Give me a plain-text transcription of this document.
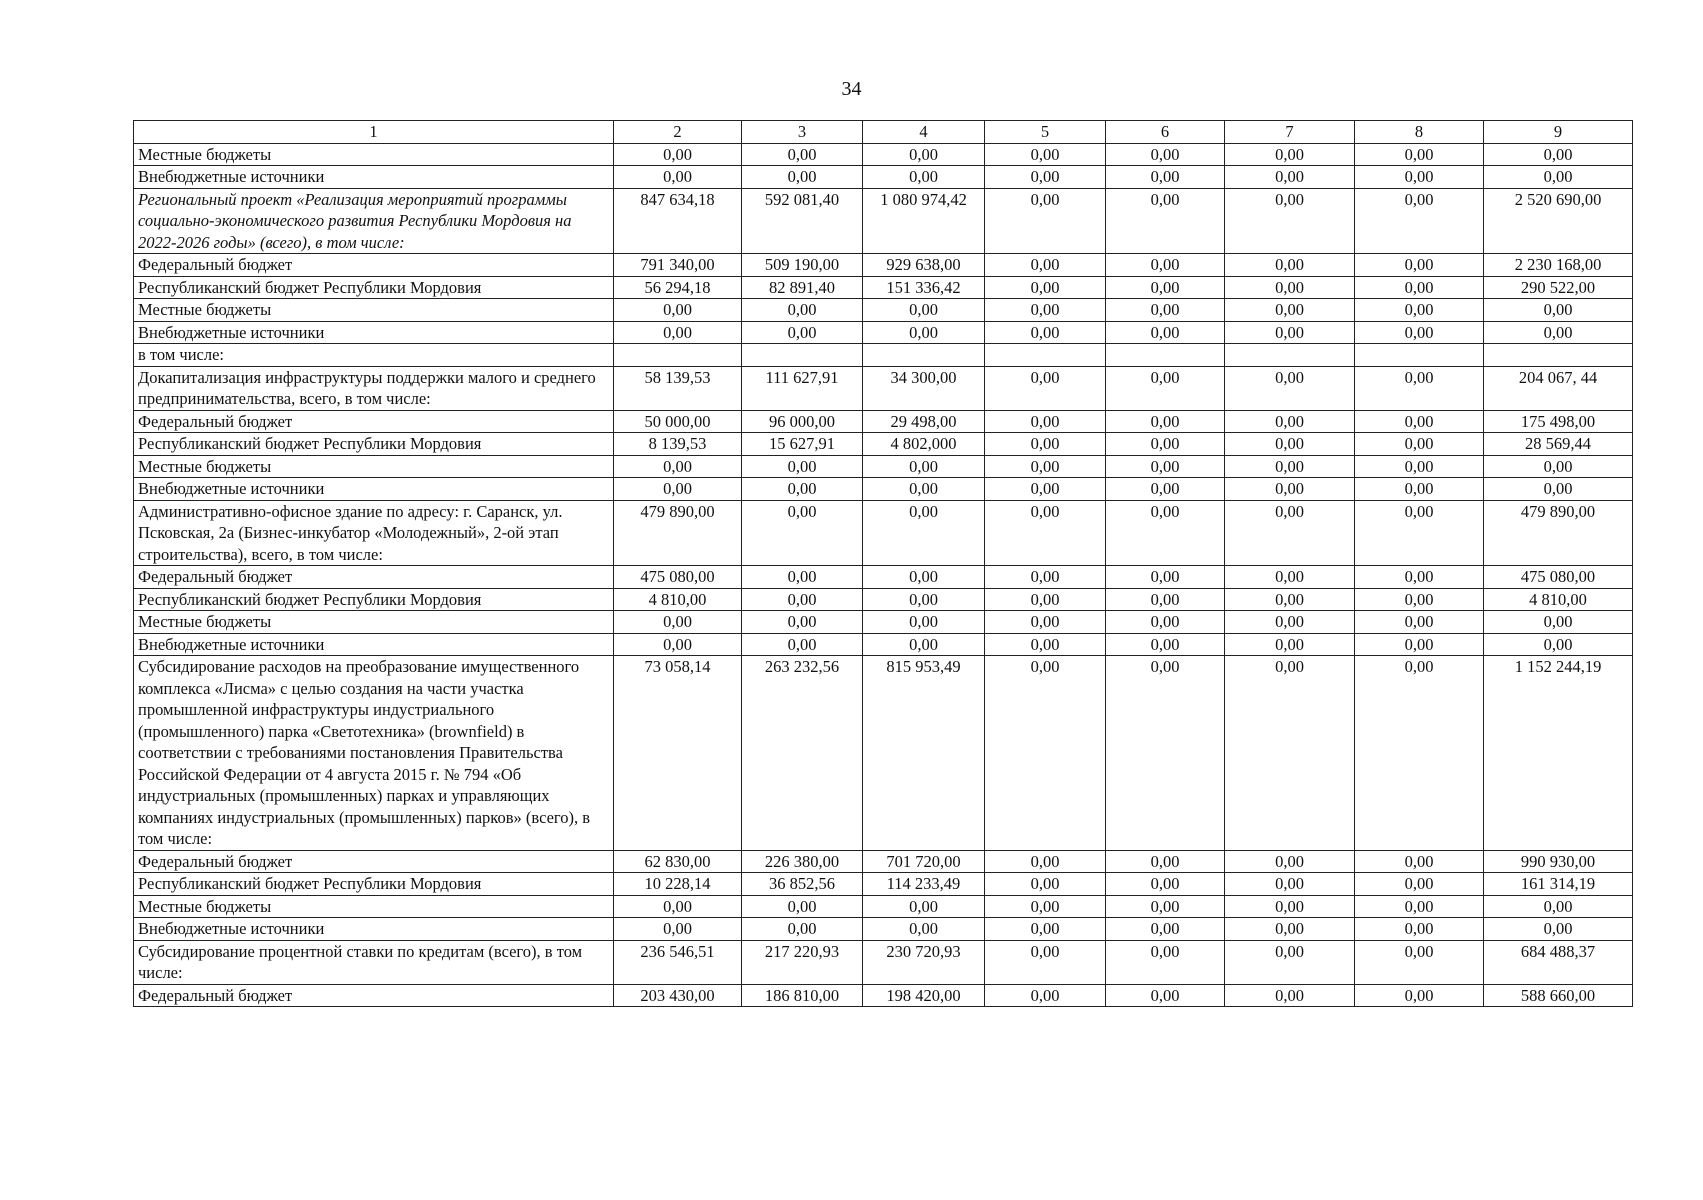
34
1	2	3	4	5	6	7	8	9
Местные бюджеты	0,00	0,00	0,00	0,00	0,00	0,00	0,00	0,00
Внебюджетные источники	0,00	0,00	0,00	0,00	0,00	0,00	0,00	0,00
Региональный проект «Реализация мероприятий программы социально-экономического развития Республики Мордовия на 2022-2026 годы» (всего), в том числе:	847 634,18	592 081,40	1 080 974,42	0,00	0,00	0,00	0,00	2 520 690,00
Федеральный бюджет	791 340,00	509 190,00	929 638,00	0,00	0,00	0,00	0,00	2 230 168,00
Республиканский бюджет Республики Мордовия	56 294,18	82 891,40	151 336,42	0,00	0,00	0,00	0,00	290 522,00
Местные бюджеты	0,00	0,00	0,00	0,00	0,00	0,00	0,00	0,00
Внебюджетные источники	0,00	0,00	0,00	0,00	0,00	0,00	0,00	0,00
в том числе:								
Докапитализация инфраструктуры поддержки малого и среднего предпринимательства, всего, в том числе:	58 139,53	111 627,91	34 300,00	0,00	0,00	0,00	0,00	204 067, 44
Федеральный бюджет	50 000,00	96 000,00	29 498,00	0,00	0,00	0,00	0,00	175 498,00
Республиканский бюджет Республики Мордовия	8 139,53	15 627,91	4 802,000	0,00	0,00	0,00	0,00	28 569,44
Местные бюджеты	0,00	0,00	0,00	0,00	0,00	0,00	0,00	0,00
Внебюджетные источники	0,00	0,00	0,00	0,00	0,00	0,00	0,00	0,00
Административно-офисное здание по адресу: г. Саранск, ул. Псковская, 2а (Бизнес-инкубатор «Молодежный», 2-ой этап строительства), всего, в том числе:	479 890,00	0,00	0,00	0,00	0,00	0,00	0,00	479 890,00
Федеральный бюджет	475 080,00	0,00	0,00	0,00	0,00	0,00	0,00	475 080,00
Республиканский бюджет Республики Мордовия	4 810,00	0,00	0,00	0,00	0,00	0,00	0,00	4 810,00
Местные бюджеты	0,00	0,00	0,00	0,00	0,00	0,00	0,00	0,00
Внебюджетные источники	0,00	0,00	0,00	0,00	0,00	0,00	0,00	0,00
Субсидирование расходов на преобразование имущественного комплекса «Лисма» с целью создания на части участка промышленной инфраструктуры индустриального (промышленного) парка «Светотехника» (brownfield) в соответствии с требованиями постановления Правительства Российской Федерации от 4 августа 2015 г. № 794 «Об индустриальных (промышленных) парках и управляющих компаниях индустриальных (промышленных) парков» (всего), в том числе:	73 058,14	263 232,56	815 953,49	0,00	0,00	0,00	0,00	1 152 244,19
Федеральный бюджет	62 830,00	226 380,00	701 720,00	0,00	0,00	0,00	0,00	990 930,00
Республиканский бюджет Республики Мордовия	10 228,14	36 852,56	114 233,49	0,00	0,00	0,00	0,00	161 314,19
Местные бюджеты	0,00	0,00	0,00	0,00	0,00	0,00	0,00	0,00
Внебюджетные источники	0,00	0,00	0,00	0,00	0,00	0,00	0,00	0,00
Субсидирование процентной ставки по кредитам (всего), в том числе:	236 546,51	217 220,93	230 720,93	0,00	0,00	0,00	0,00	684 488,37
Федеральный бюджет	203 430,00	186 810,00	198 420,00	0,00	0,00	0,00	0,00	588 660,00
